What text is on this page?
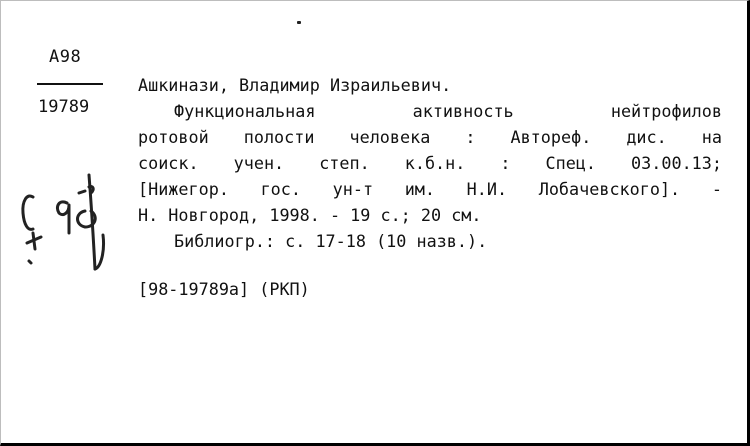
А98
19789
Ашкинази, Владимир Израильевич.
Функциональная	активность	нейтрофилов
ротовой полости человека : Автореф. дис. на
соиск. учен. степ. к.б.н. : Спец. 03.00.13;
[Нижегор. гос. ун-т им. Н.И. Лобачевского]. -
Н. Новгород, 1998. - 19 с.; 20 см.
Библиогр.: с. 17-18 (10 назв.).
[98-19789а] (РКП)
